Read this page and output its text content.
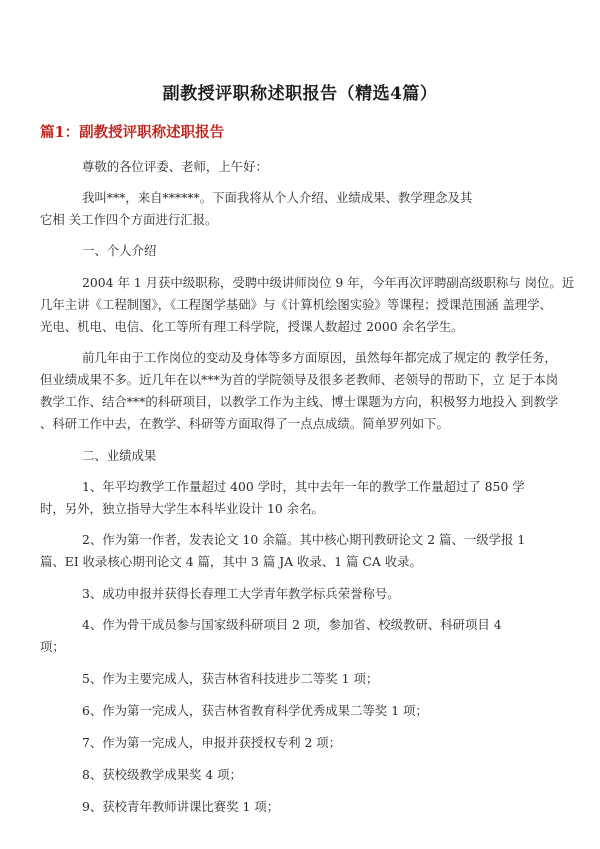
副教授评职称述职报告（精选4篇）
篇1：副教授评职称述职报告
尊敬的各位评委、老师，上午好：
我叫***，来自******。下面我将从个人介绍、业绩成果、教学理念及其
它相 关工作四个方面进行汇报。
一、个人介绍
2004 年 1 月获中级职称，受聘中级讲师岗位 9 年，今年再次评聘副高级职称与 岗位。近
几年主讲《工程制图》，《工程图学基础》与《计算机绘图实验》等课程；授课范围涵 盖理学、
光电、机电、电信、化工等所有理工科学院，授课人数超过 2000 余名学生。
前几年由于工作岗位的变动及身体等多方面原因，虽然每年都完成了规定的 教学任务，
但业绩成果不多。近几年在以***为首的学院领导及很多老教师、老领导的帮助下，立 足于本岗
教学工作、结合***的科研项目，以教学工作为主线、博士课题为方向，积极努力地投入 到教学
、科研工作中去，在教学、科研等方面取得了一点点成绩。简单罗列如下。
二、业绩成果
1、年平均教学工作量超过 400 学时，其中去年一年的教学工作量超过了 850 学
时，另外，独立指导大学生本科毕业设计 10 余名。
2、作为第一作者，发表论文 10 余篇。其中核心期刊教研论文 2 篇、一级学报 1
篇、EI 收录核心期刊论文 4 篇，其中 3 篇 JA 收录、1 篇 CA 收录。
3、成功申报并获得长春理工大学青年教学标兵荣誉称号。
4、作为骨干成员参与国家级科研项目 2 项，参加省、校级教研、科研项目 4
项；
5、作为主要完成人，获吉林省科技进步二等奖 1 项；
6、作为第一完成人，获吉林省教育科学优秀成果二等奖 1 项；
7、作为第一完成人，申报并获授权专利 2 项；
8、获校级教学成果奖 4 项；
9、获校青年教师讲课比赛奖 1 项；
